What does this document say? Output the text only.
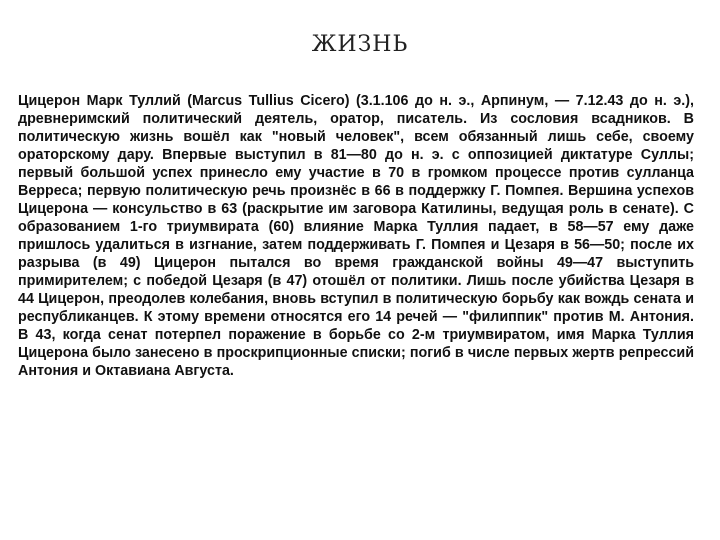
ЖИЗНЬ
Цицерон Марк Туллий (Marcus Tullius Cicero) (3.1.106 до н. э., Арпинум, — 7.12.43 до н. э.), древнеримский политический деятель, оратор, писатель. Из сословия всадников. В политическую жизнь вошёл как "новый человек", всем обязанный лишь себе, своему ораторскому дару. Впервые выступил в 81—80 до н. э. с оппозицией диктатуре Суллы; первый большой успех принесло ему участие в 70 в громком процессе против сулланца Верреса; первую политическую речь произнёс в 66 в поддержку Г. Помпея. Вершина успехов Цицерона — консульство в 63 (раскрытие им заговора Катилины, ведущая роль в сенате). С образованием 1-го триумвирата (60) влияние Марка Туллия падает, в 58—57 ему даже пришлось удалиться в изгнание, затем поддерживать Г. Помпея и Цезаря в 56—50; после их разрыва (в 49) Цицерон пытался во время гражданской войны 49—47 выступить примирителем; с победой Цезаря (в 47) отошёл от политики. Лишь после убийства Цезаря в 44 Цицерон, преодолев колебания, вновь вступил в политическую борьбу как вождь сената и республиканцев. К этому времени относятся его 14 речей — "филиппик" против М. Антония. В 43, когда сенат потерпел поражение в борьбе со 2-м триумвиратом, имя Марка Туллия Цицерона было занесено в проскрипционные списки; погиб в числе первых жертв репрессий Антония и Октавиана Августа.
